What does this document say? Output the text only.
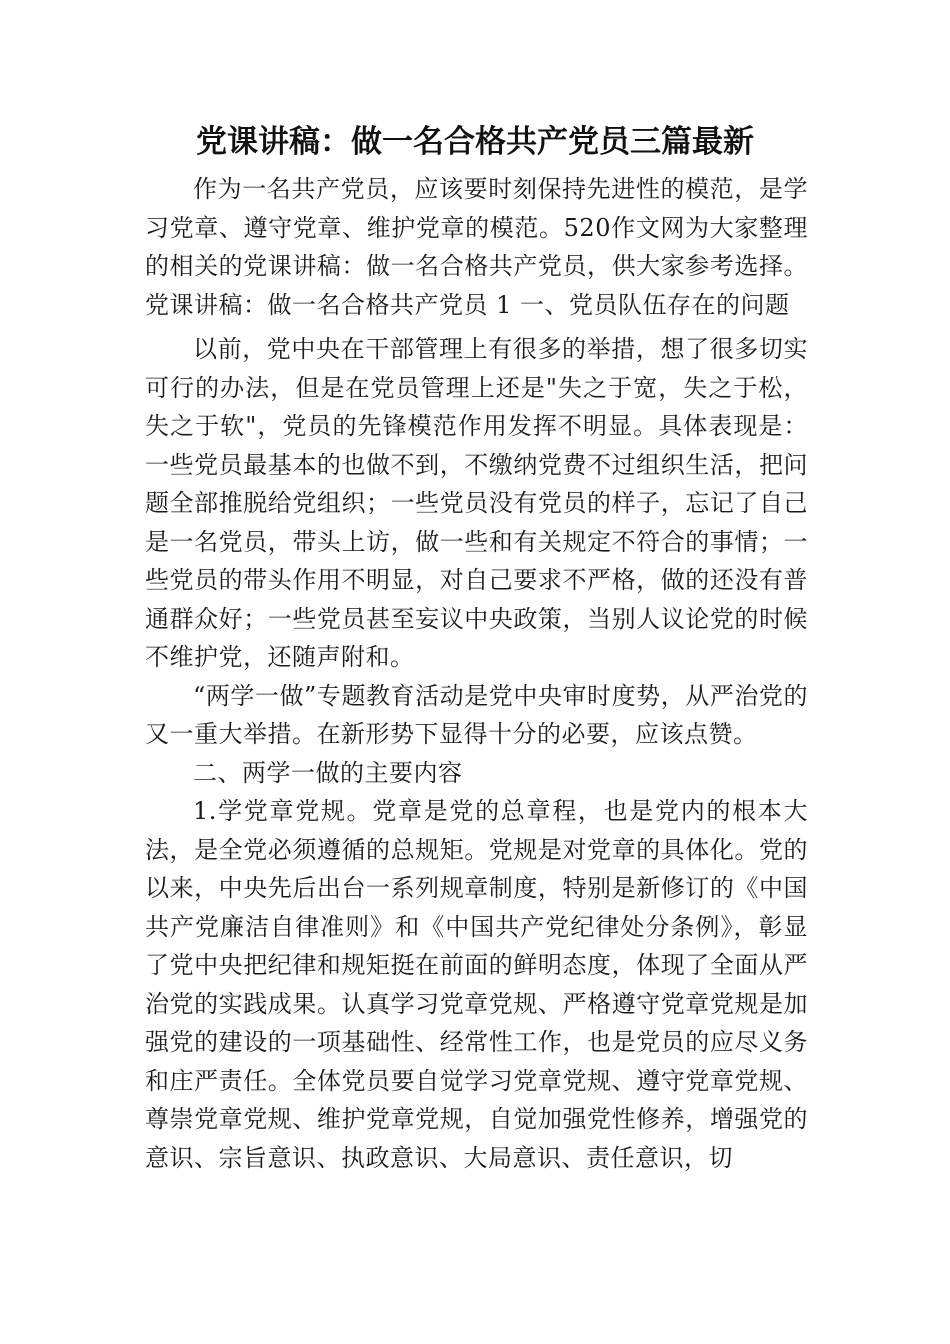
党课讲稿：做一名合格共产党员三篇最新

作为一名共产党员，应该要时刻保持先进性的模范，是学习党章、遵守党章、维护党章的模范。520作文网为大家整理的相关的党课讲稿：做一名合格共产党员，供大家参考选择。党课讲稿：做一名合格共产党员 1 一、党员队伍存在的问题

以前，党中央在干部管理上有很多的举措，想了很多切实可行的办法，但是在党员管理上还是"失之于宽，失之于松，失之于软"，党员的先锋模范作用发挥不明显。具体表现是：一些党员最基本的也做不到，不缴纳党费不过组织生活，把问题全部推脱给党组织；一些党员没有党员的样子，忘记了自己是一名党员，带头上访，做一些和有关规定不符合的事情；一些党员的带头作用不明显，对自己要求不严格，做的还没有普通群众好；一些党员甚至妄议中央政策，当别人议论党的时候不维护党，还随声附和。

“两学一做”专题教育活动是党中央审时度势，从严治党的又一重大举措。在新形势下显得十分的必要，应该点赞。

二、两学一做的主要内容

1.学党章党规。党章是党的总章程，也是党内的根本大法，是全党必须遵循的总规矩。党规是对党章的具体化。党的以来，中央先后出台一系列规章制度，特别是新修订的《中国共产党廉洁自律准则》和《中国共产党纪律处分条例》，彰显了党中央把纪律和规矩挺在前面的鲜明态度，体现了全面从严治党的实践成果。认真学习党章党规、严格遵守党章党规是加强党的建设的一项基础性、经常性工作，也是党员的应尽义务和庄严责任。全体党员要自觉学习党章党规、遵守党章党规、尊崇党章党规、维护党章党规，自觉加强党性修养，增强党的意识、宗旨意识、执政意识、大局意识、责任意识，切
